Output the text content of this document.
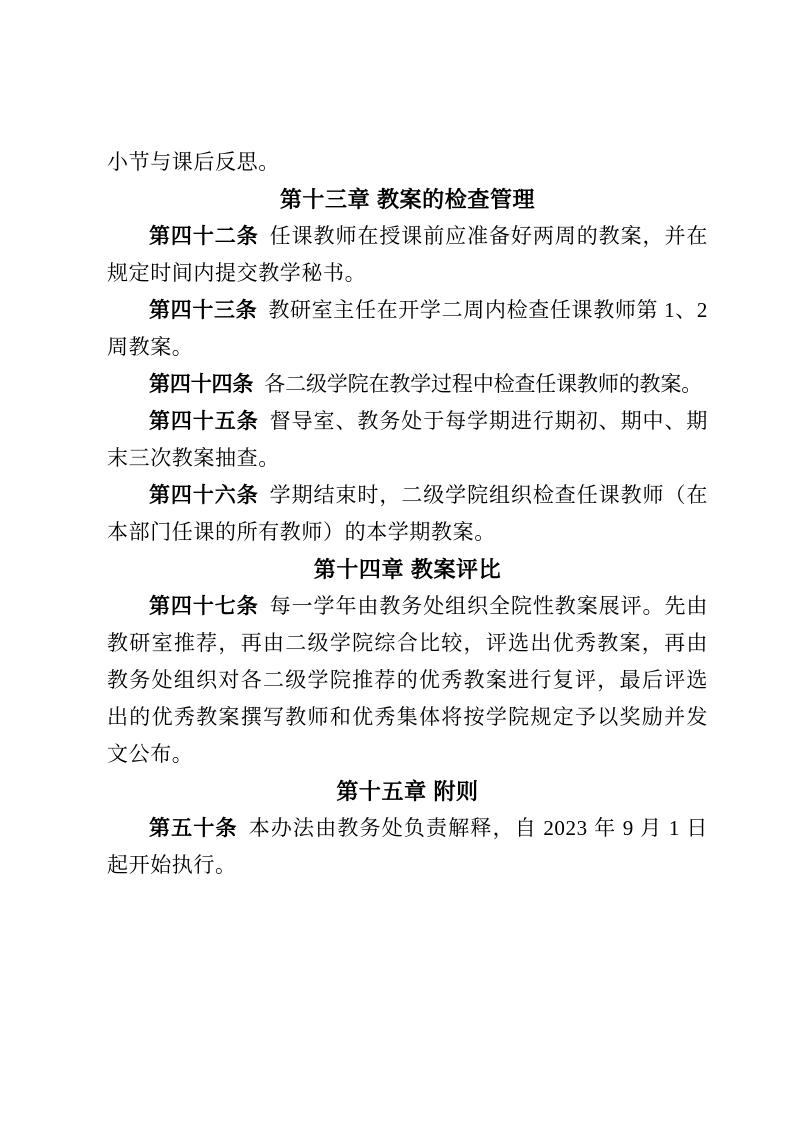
小节与课后反思。

第十三章 教案的检查管理

第四十二条 任课教师在授课前应准备好两周的教案，并在规定时间内提交教学秘书。

第四十三条 教研室主任在开学二周内检查任课教师第 1、2 周教案。

第四十四条 各二级学院在教学过程中检查任课教师的教案。

第四十五条 督导室、教务处于每学期进行期初、期中、期末三次教案抽查。

第四十六条 学期结束时，二级学院组织检查任课教师（在本部门任课的所有教师）的本学期教案。

第十四章 教案评比

第四十七条 每一学年由教务处组织全院性教案展评。先由教研室推荐，再由二级学院综合比较，评选出优秀教案，再由教务处组织对各二级学院推荐的优秀教案进行复评，最后评选出的优秀教案撰写教师和优秀集体将按学院规定予以奖励并发文公布。

第十五章 附则

第五十条 本办法由教务处负责解释，自 2023 年 9 月 1 日起开始执行。
